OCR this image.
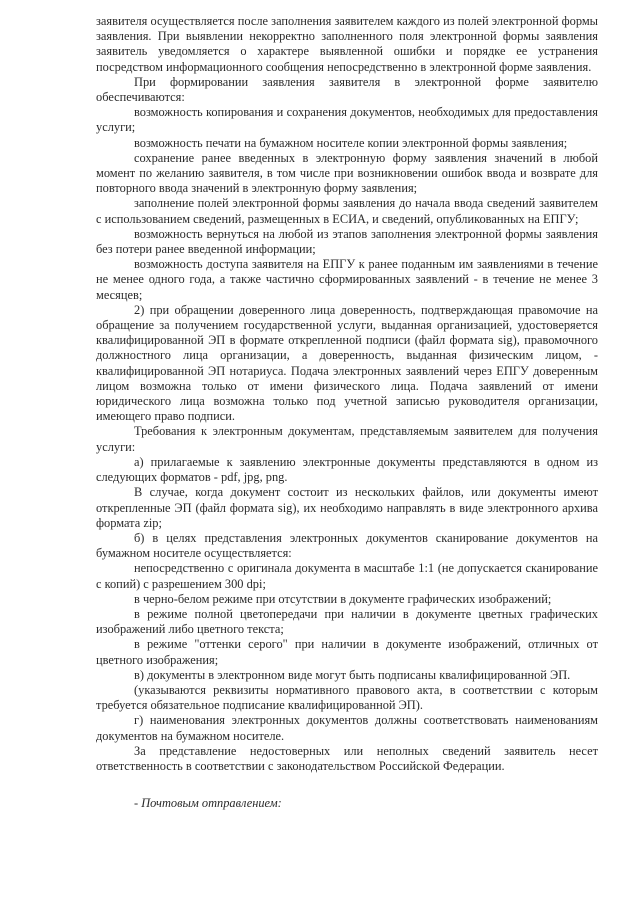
заявителя осуществляется после заполнения заявителем каждого из полей электронной формы заявления. При выявлении некорректно заполненного поля электронной формы заявления заявитель уведомляется о характере выявленной ошибки и порядке ее устранения посредством информационного сообщения непосредственно в электронной форме заявления.

При формировании заявления заявителя в электронной форме заявителю обеспечиваются:

возможность копирования и сохранения документов, необходимых для предоставления услуги;

возможность печати на бумажном носителе копии электронной формы заявления;

сохранение ранее введенных в электронную форму заявления значений в любой момент по желанию заявителя, в том числе при возникновении ошибок ввода и возврате для повторного ввода значений в электронную форму заявления;

заполнение полей электронной формы заявления до начала ввода сведений заявителем с использованием сведений, размещенных в ЕСИА, и сведений, опубликованных на ЕПГУ;

возможность вернуться на любой из этапов заполнения электронной формы заявления без потери ранее введенной информации;

возможность доступа заявителя на ЕПГУ к ранее поданным им заявлениями в течение не менее одного года, а также частично сформированных заявлений - в течение не менее 3 месяцев;

2) при обращении доверенного лица доверенность, подтверждающая правомочие на обращение за получением государственной услуги, выданная организацией, удостоверяется квалифицированной ЭП в формате открепленной подписи (файл формата sig), правомочного должностного лица организации, а доверенность, выданная физическим лицом, - квалифицированной ЭП нотариуса. Подача электронных заявлений через ЕПГУ доверенным лицом возможна только от имени физического лица. Подача заявлений от имени юридического лица возможна только под учетной записью руководителя организации, имеющего право подписи.

Требования к электронным документам, представляемым заявителем для получения услуги:

а) прилагаемые к заявлению электронные документы представляются в одном из следующих форматов - pdf, jpg, png.

В случае, когда документ состоит из нескольких файлов, или документы имеют открепленные ЭП (файл формата sig), их необходимо направлять в виде электронного архива формата zip;

б) в целях представления электронных документов сканирование документов на бумажном носителе осуществляется:

непосредственно с оригинала документа в масштабе 1:1 (не допускается сканирование с копий) с разрешением 300 dpi;

в черно-белом режиме при отсутствии в документе графических изображений;

в режиме полной цветопередачи при наличии в документе цветных графических изображений либо цветного текста;

в режиме "оттенки серого" при наличии в документе изображений, отличных от цветного изображения;

в) документы в электронном виде могут быть подписаны квалифицированной ЭП.

(указываются реквизиты нормативного правового акта, в соответствии с которым требуется обязательное подписание квалифицированной ЭП).

г) наименования электронных документов должны соответствовать наименованиям документов на бумажном носителе.

За представление недостоверных или неполных сведений заявитель несет ответственность в соответствии с законодательством Российской Федерации.

- Почтовым отправлением:
